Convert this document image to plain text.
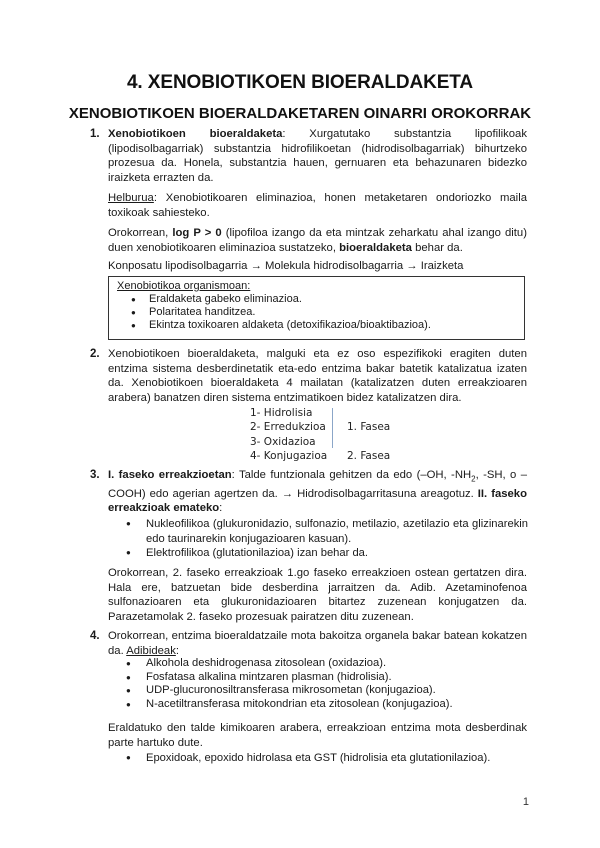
4. XENOBIOTIKOEN BIOERALDAKETA
XENOBIOTIKOEN BIOERALDAKETAREN OINARRI OROKORRAK
1. Xenobiotikoen bioeraldaketa: Xurgatutako substantzia lipofilikoak (lipodisolbagarriak) substantzia hidrofilikoetan (hidrodisolbagarriak) bihurtzeko prozesua da. Honela, substantzia hauen, gernuaren eta behazunaren bidezko iraizketa errazten da.
Helburua: Xenobiotikoaren eliminazioa, honen metaketaren ondoriozko maila toxikoak sahiesteko.
Orokorrean, log P > 0 (lipofiloa izango da eta mintzak zeharkatu ahal izango ditu) duen xenobiotikoaren eliminazioa sustatzeko, bioeraldaketa behar da.
Konposatu lipodisolbagarria → Molekula hidrodisolbagarria → Iraizketa
Xenobiotikoa organismoan:
● Eraldaketa gabeko eliminazioa.
● Polaritatea handitzea.
● Ekintza toxikoaren aldaketa (detoxifikazioa/bioaktibazioa).
2. Xenobiotikoen bioeraldaketa, malguki eta ez oso espezifikoki eragiten duten entzima sistema desberdinetatik eta-edo entzima bakar batetik katalizatua izaten da. Xenobiotikoen bioeraldaketa 4 mailatan (katalizatzen duten erreakzioaren arabera) banatzen diren sistema entzimatikoen bidez katalizatzen dira.
1- Hidrolisia
2- Erredukzioa 1. Fasea
3- Oxidazioa
4- Konjugazioa 2. Fasea
3. I. faseko erreakzioetan: Talde funtzionala gehitzen da edo (–OH, $-NH_2$, -SH, o –COOH) edo agerian agertzen da. → Hidrodisolbagarritasuna areagotuz. II. faseko erreakzioak emateko:
● Nukleofilikoa (glukuronidazio, sulfonazio, metilazio, azetilazio eta glizinarekin edo taurinarekin konjugazioaren kasuan).
● Elektrofilikoa (glutationilazioa) izan behar da.
Orokorrean, 2. faseko erreakzioak 1.go faseko erreakzioen ostean gertatzen dira. Hala ere, batzuetan bide desberdina jarraitzen da. Adib. Azetaminofenoa sulfonazioaren eta glukuronidazioaren bitartez zuzenean konjugatzen da. Parazetamolak 2. faseko prozesuak pairatzen ditu zuzenean.
4. Orokorrean, entzima bioeraldatzaile mota bakoitza organela bakar batean kokatzen da. Adibideak:
● Alkohola deshidrogenasa zitosolean (oxidazioa).
● Fosfatasa alkalina mintzaren plasman (hidrolisia).
● UDP-glucuronosiltransferasa mikrosometan (konjugazioa).
● N-acetiltransferasa mitokondrian eta zitosolean (konjugazioa).
Eraldatuko den talde kimikoaren arabera, erreakzioan entzima mota desberdinak parte hartuko dute.
● Epoxidoak, epoxido hidrolasa eta GST (hidrolisia eta glutationilazioa).
1
